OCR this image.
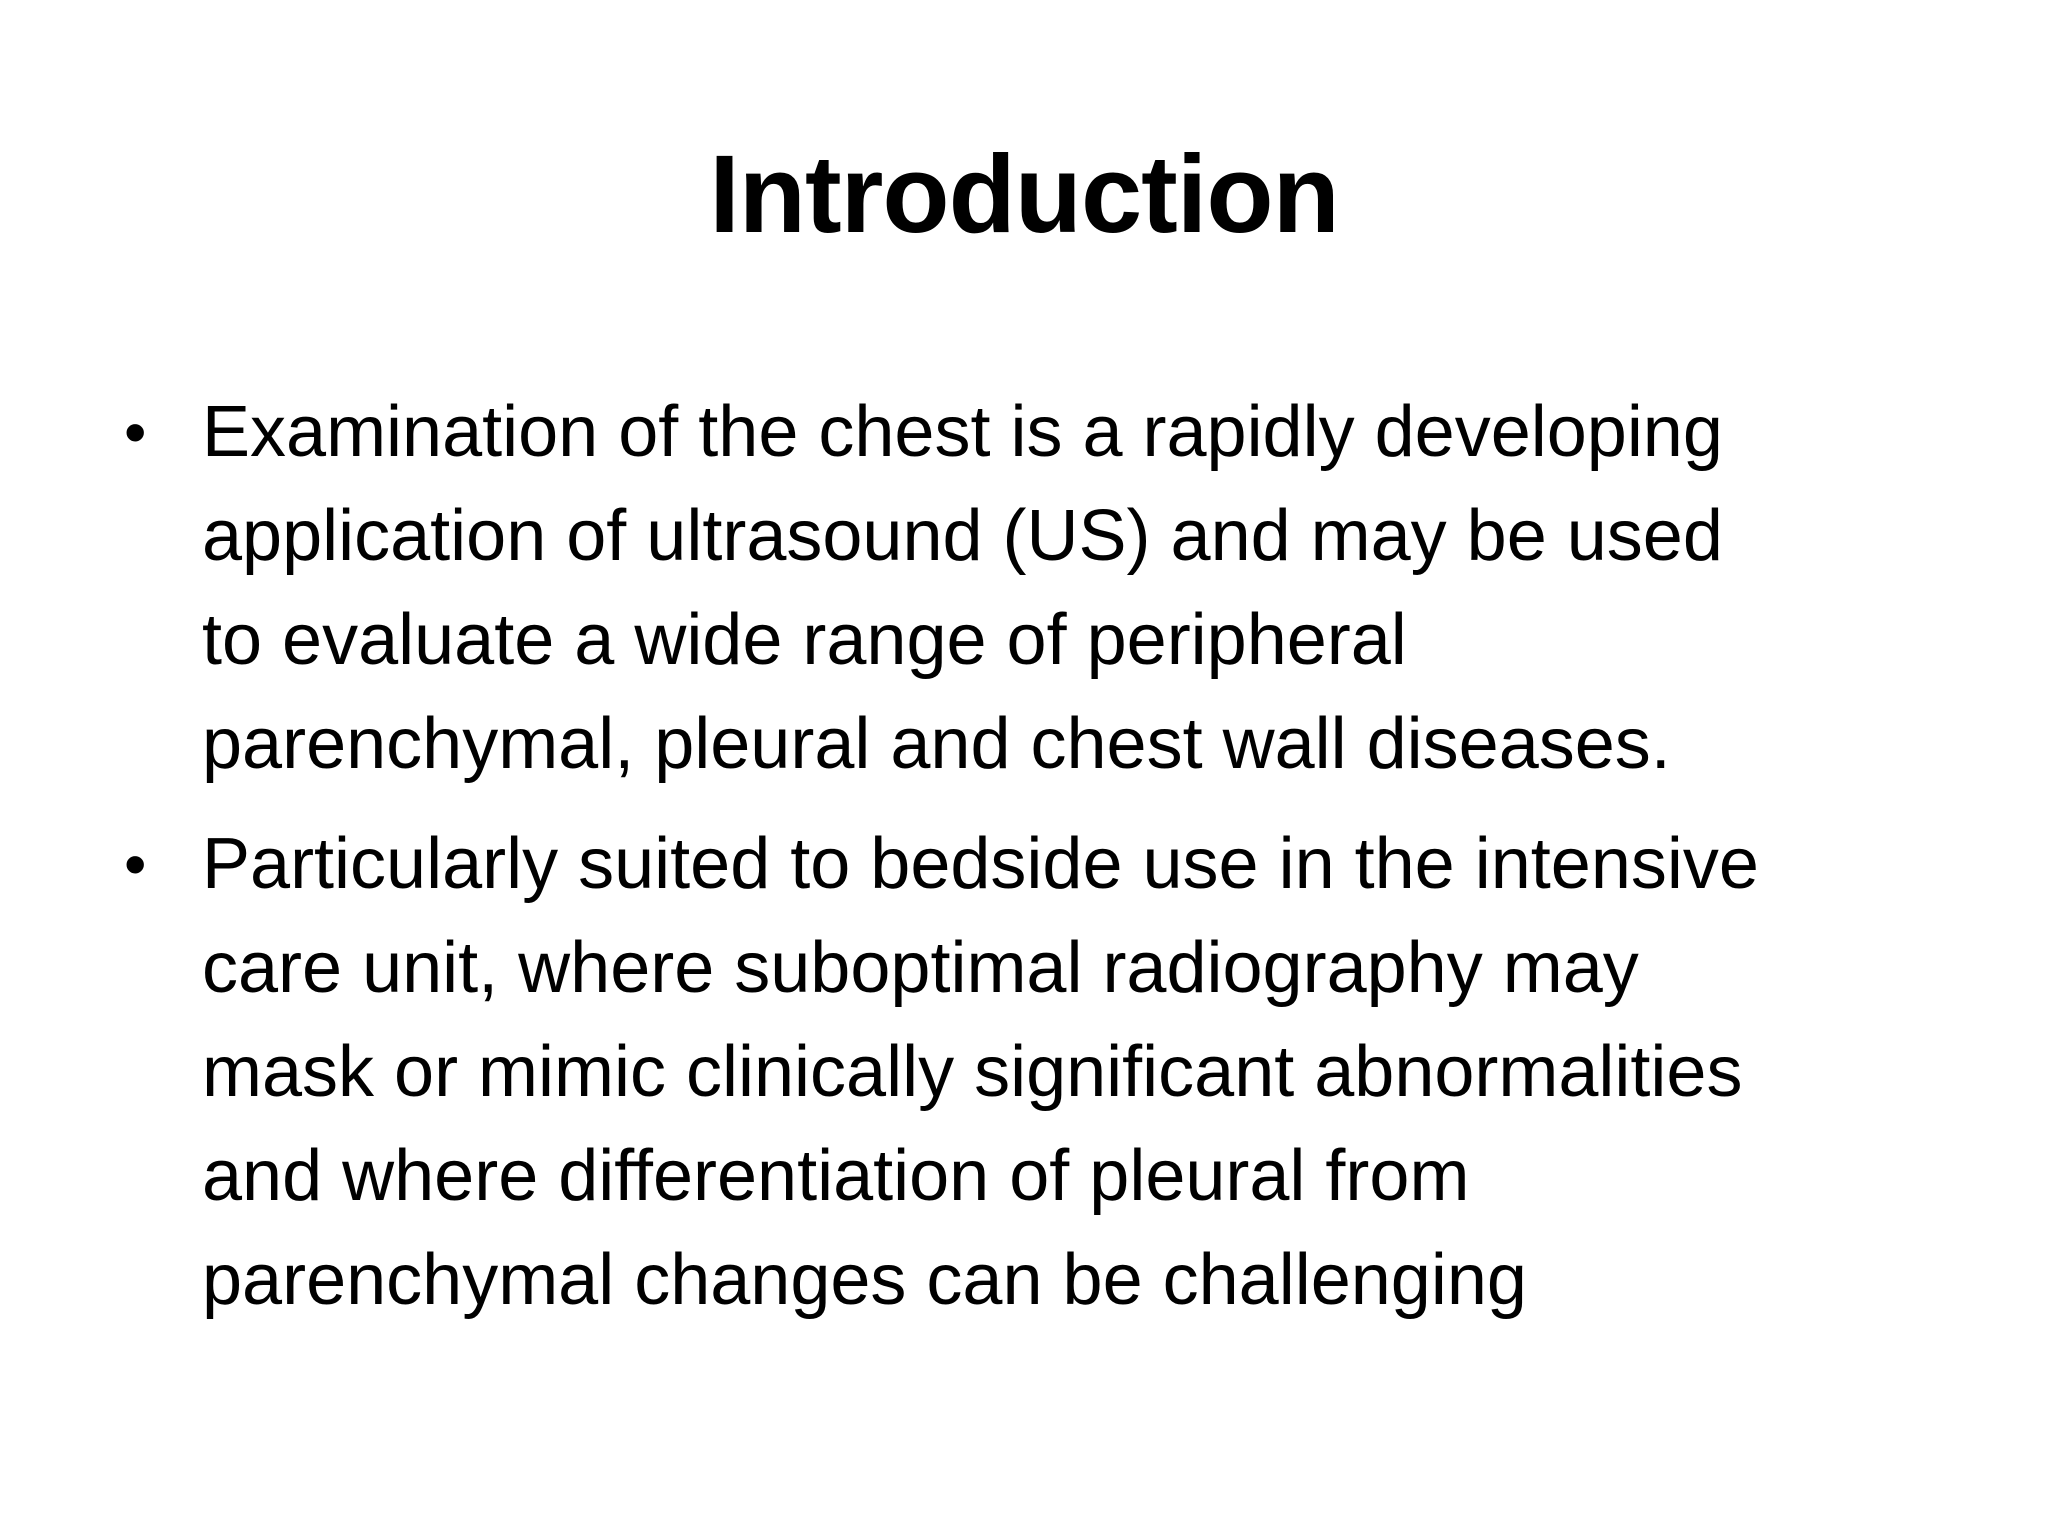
Introduction
• Examination of the chest is a rapidly developing
application of ultrasound (US) and may be used
to evaluate a wide range of peripheral
parenchymal, pleural and chest wall diseases.
• Particularly suited to bedside use in the intensive
care unit, where suboptimal radiography may
mask or mimic clinically significant abnormalities
and where differentiation of pleural from
parenchymal changes can be challenging
